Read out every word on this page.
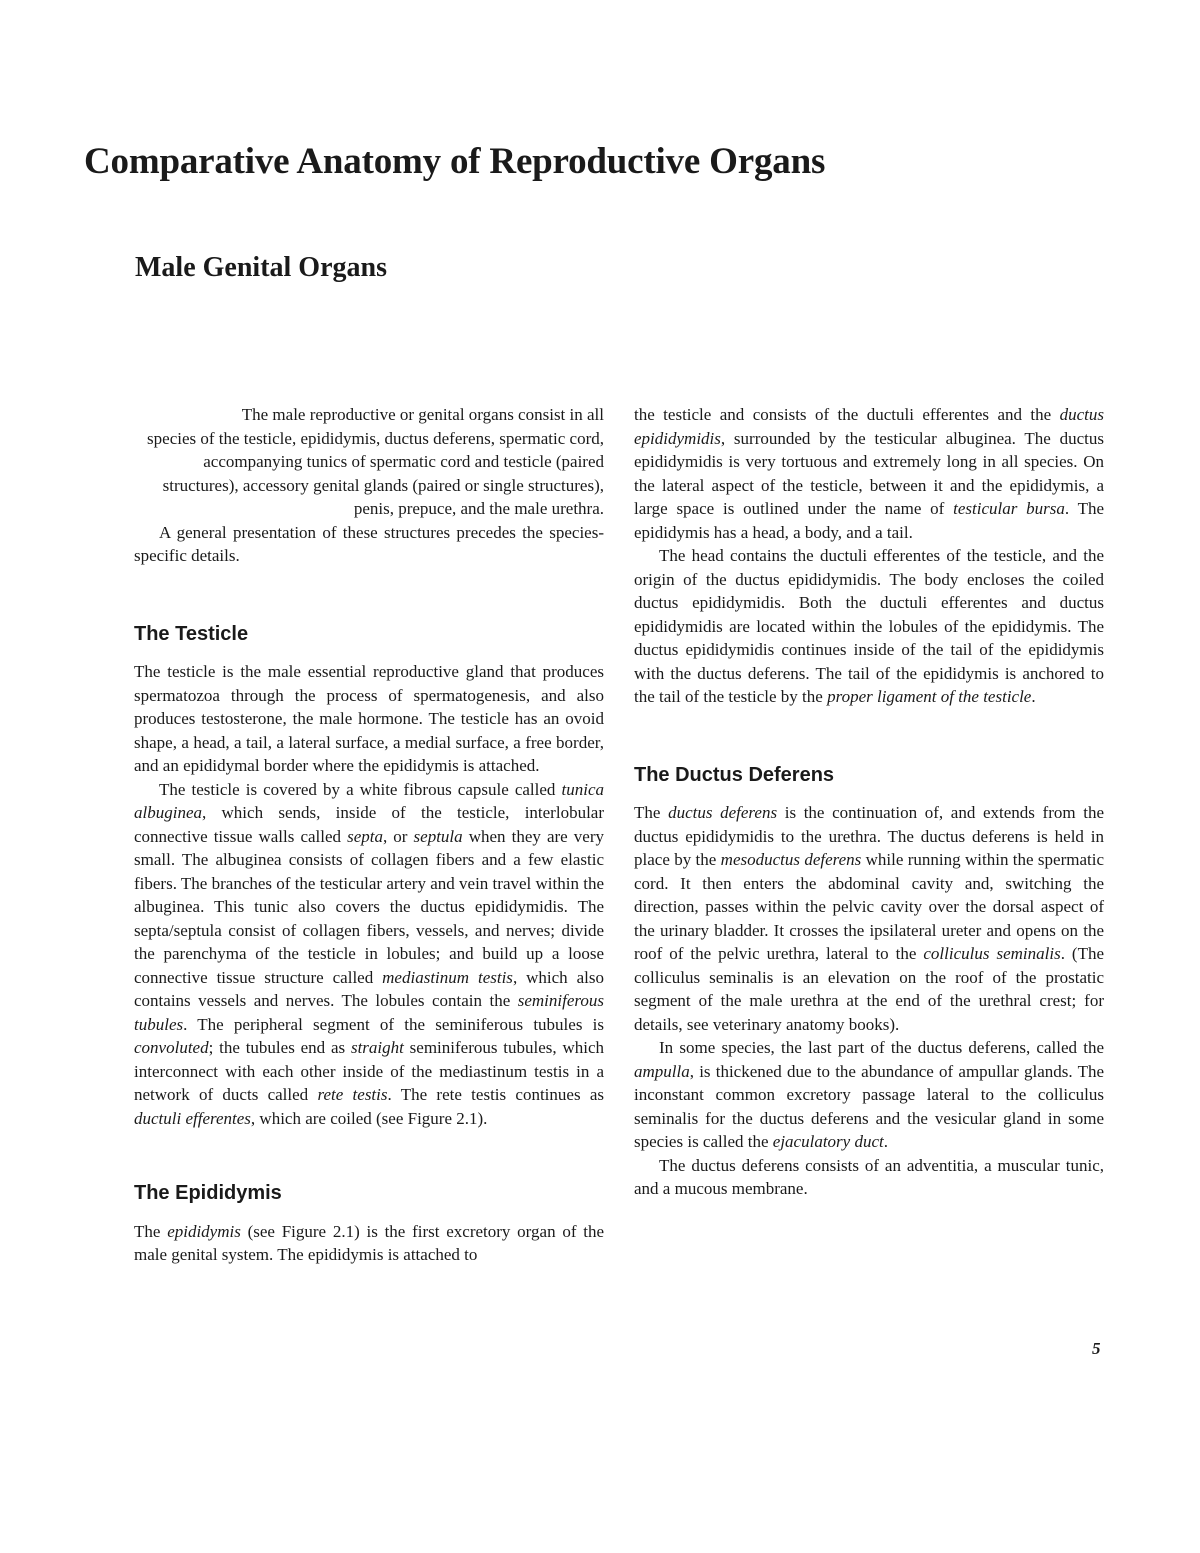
Comparative Anatomy of Reproductive Organs
Male Genital Organs

The male reproductive or genital organs consist in all species of the testicle, epididymis, ductus deferens, spermatic cord, accompanying tunics of spermatic cord and testicle (paired structures), accessory genital glands (paired or single structures), penis, prepuce, and the male urethra.

A general presentation of these structures precedes the species-specific details.

The Testicle

The testicle is the male essential reproductive gland that produces spermatozoa through the process of spermatogenesis, and also produces testosterone, the male hormone. The testicle has an ovoid shape, a head, a tail, a lateral surface, a medial surface, a free border, and an epididymal border where the epididymis is attached.

The testicle is covered by a white fibrous capsule called tunica albuginea, which sends, inside of the testicle, interlobular connective tissue walls called septa, or septula when they are very small. The albuginea consists of collagen fibers and a few elastic fibers. The branches of the testicular artery and vein travel within the albuginea. This tunic also covers the ductus epididymidis. The septa/septula consist of collagen fibers, vessels, and nerves; divide the parenchyma of the testicle in lobules; and build up a loose connective tissue structure called mediastinum testis, which also contains vessels and nerves. The lobules contain the seminiferous tubules. The peripheral segment of the seminiferous tubules is convoluted; the tubules end as straight seminiferous tubules, which interconnect with each other inside of the mediastinum testis in a network of ducts called rete testis. The rete testis continues as ductuli efferentes, which are coiled (see Figure 2.1).

The Epididymis

The epididymis (see Figure 2.1) is the first excretory organ of the male genital system. The epididymis is attached to

the testicle and consists of the ductuli efferentes and the ductus epididymidis, surrounded by the testicular albuginea. The ductus epididymidis is very tortuous and extremely long in all species. On the lateral aspect of the testicle, between it and the epididymis, a large space is outlined under the name of testicular bursa. The epididymis has a head, a body, and a tail.

The head contains the ductuli efferentes of the testicle, and the origin of the ductus epididymidis. The body encloses the coiled ductus epididymidis. Both the ductuli efferentes and ductus epididymidis are located within the lobules of the epididymis. The ductus epididymidis continues inside of the tail of the epididymis with the ductus deferens. The tail of the epididymis is anchored to the tail of the testicle by the proper ligament of the testicle.

The Ductus Deferens

The ductus deferens is the continuation of, and extends from the ductus epididymidis to the urethra. The ductus deferens is held in place by the mesoductus deferens while running within the spermatic cord. It then enters the abdominal cavity and, switching the direction, passes within the pelvic cavity over the dorsal aspect of the urinary bladder. It crosses the ipsilateral ureter and opens on the roof of the pelvic urethra, lateral to the colliculus seminalis. (The colliculus seminalis is an elevation on the roof of the prostatic segment of the male urethra at the end of the urethral crest; for details, see veterinary anatomy books).

In some species, the last part of the ductus deferens, called the ampulla, is thickened due to the abundance of ampullar glands. The inconstant common excretory passage lateral to the colliculus seminalis for the ductus deferens and the vesicular gland in some species is called the ejaculatory duct.

The ductus deferens consists of an adventitia, a muscular tunic, and a mucous membrane.

5
